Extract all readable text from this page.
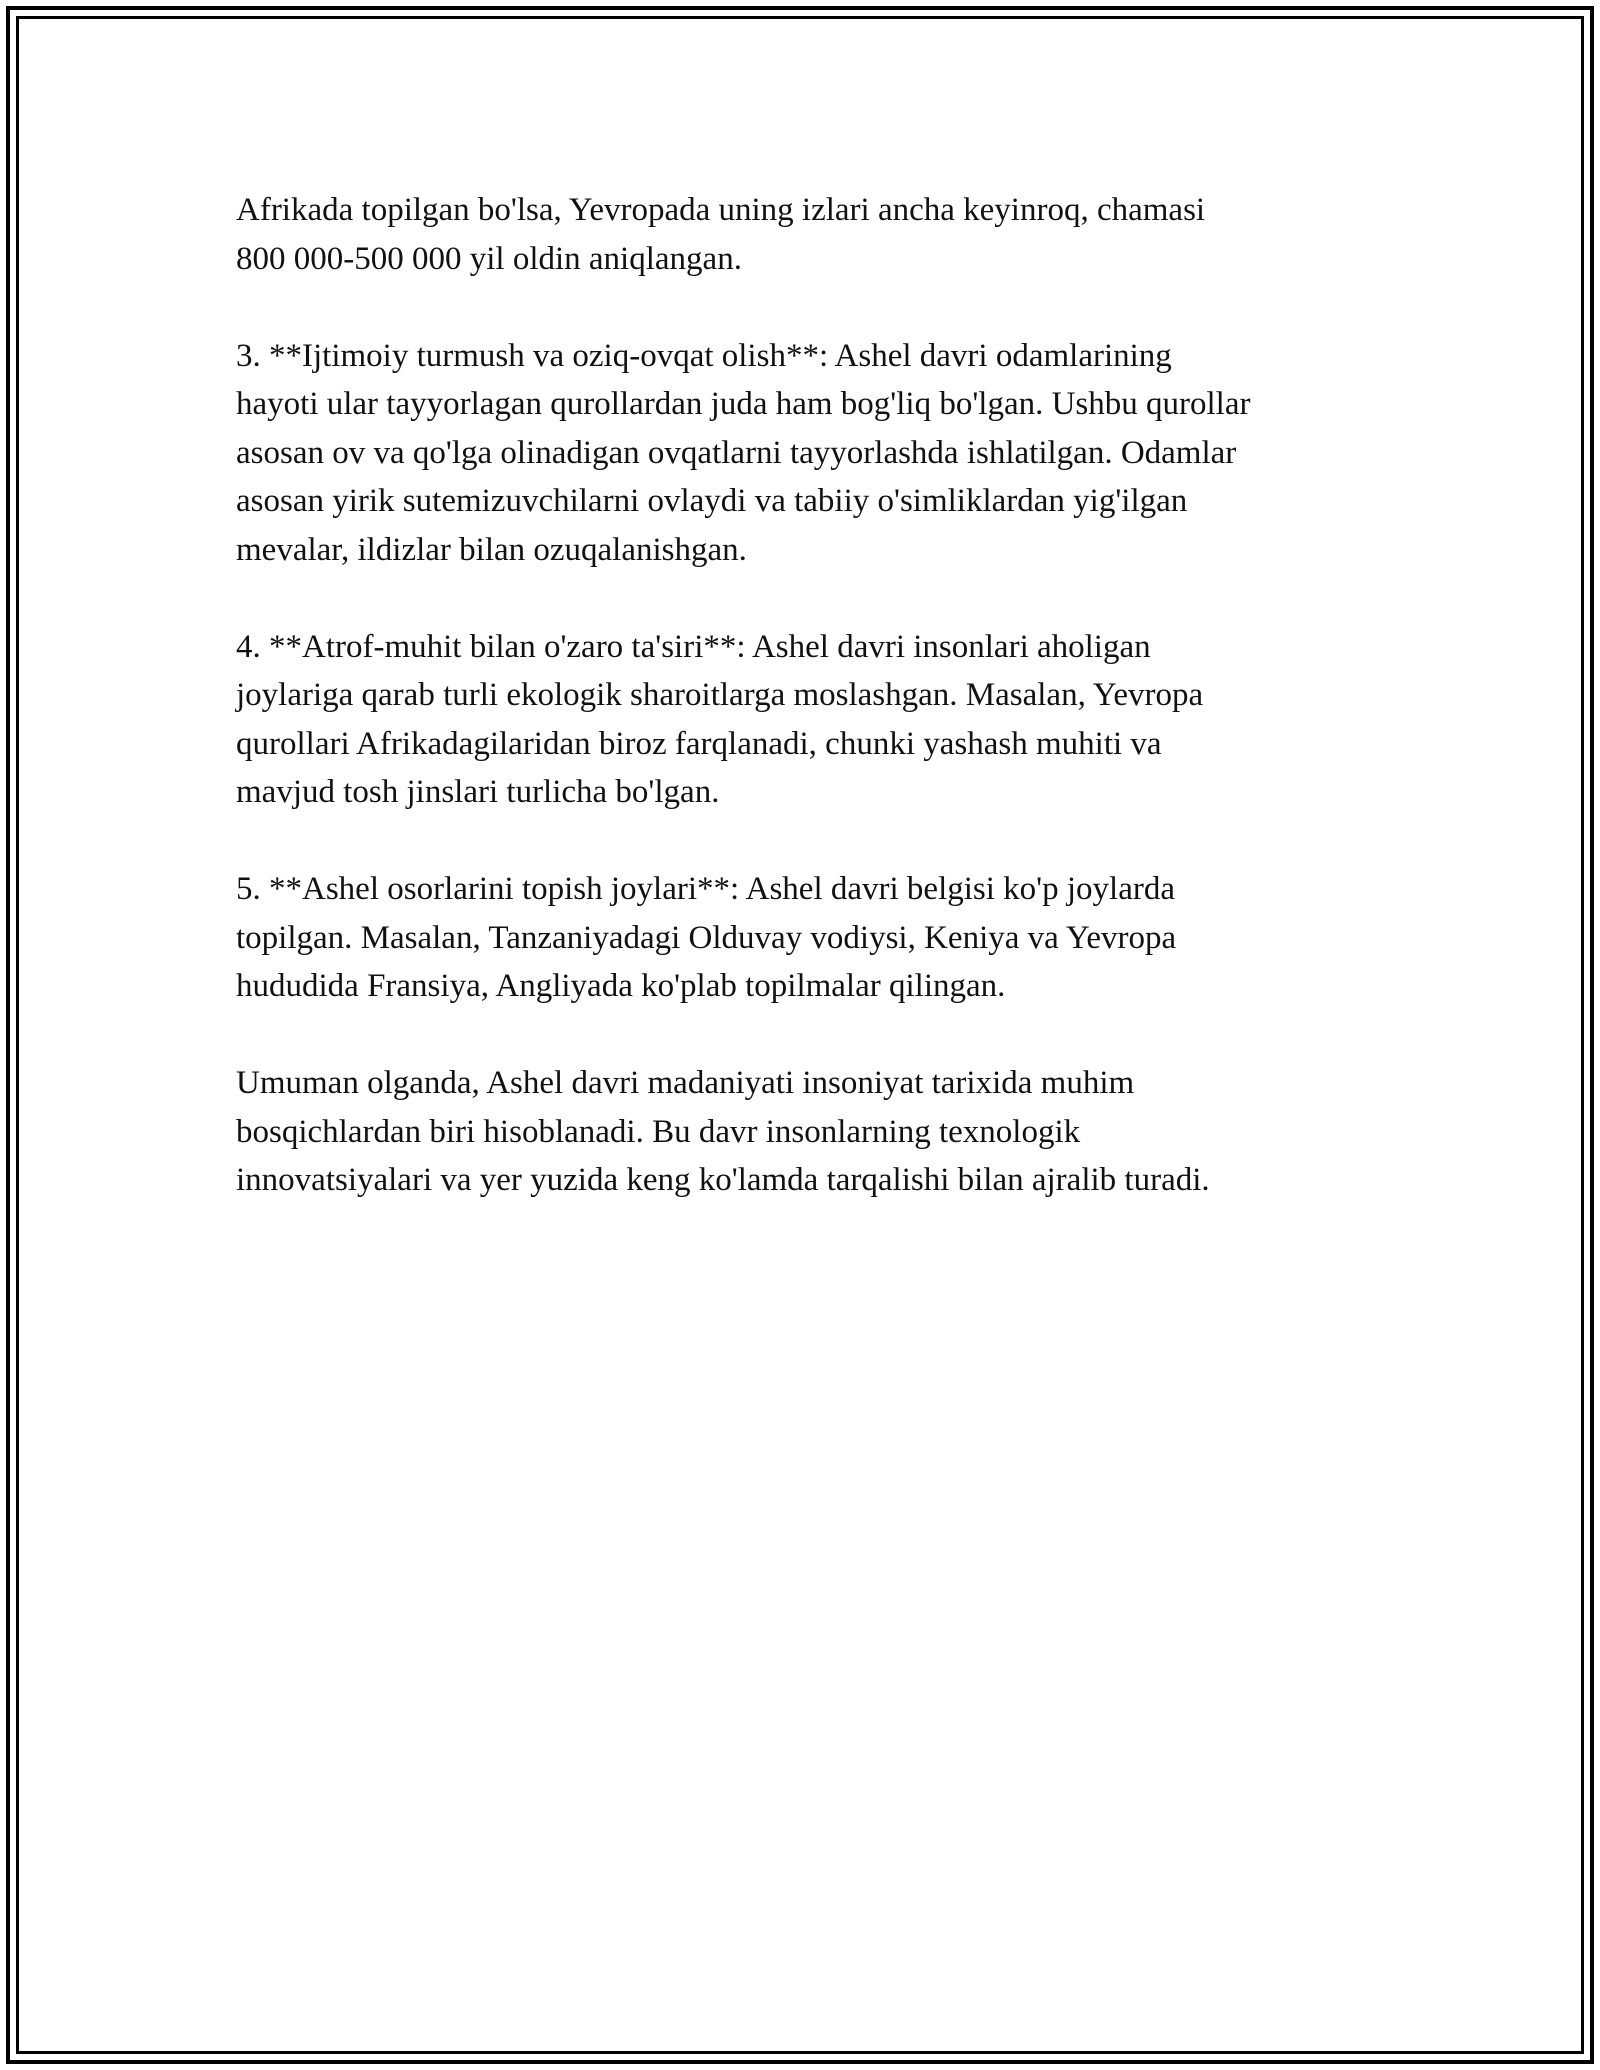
Afrikada topilgan bo'lsa, Yevropada uning izlari ancha keyinroq, chamasi
800 000-500 000 yil oldin aniqlangan.

3. **Ijtimoiy turmush va oziq-ovqat olish**: Ashel davri odamlarining
hayoti ular tayyorlagan qurollardan juda ham bog'liq bo'lgan. Ushbu qurollar
asosan ov va qo'lga olinadigan ovqatlarni tayyorlashda ishlatilgan. Odamlar
asosan yirik sutemizuvchilarni ovlaydi va tabiiy o'simliklardan yig'ilgan
mevalar, ildizlar bilan ozuqalanishgan.

4. **Atrof-muhit bilan o'zaro ta'siri**: Ashel davri insonlari aholigan
joylariga qarab turli ekologik sharoitlarga moslashgan. Masalan, Yevropa
qurollari Afrikadagilaridan biroz farqlanadi, chunki yashash muhiti va
mavjud tosh jinslari turlicha bo'lgan.

5. **Ashel osorlarini topish joylari**: Ashel davri belgisi ko'p joylarda
topilgan. Masalan, Tanzaniyadagi Olduvay vodiysi, Keniya va Yevropa
hududida Fransiya, Angliyada ko'plab topilmalar qilingan.

Umuman olganda, Ashel davri madaniyati insoniyat tarixida muhim
bosqichlardan biri hisoblanadi. Bu davr insonlarning texnologik
innovatsiyalari va yer yuzida keng ko'lamda tarqalishi bilan ajralib turadi.
